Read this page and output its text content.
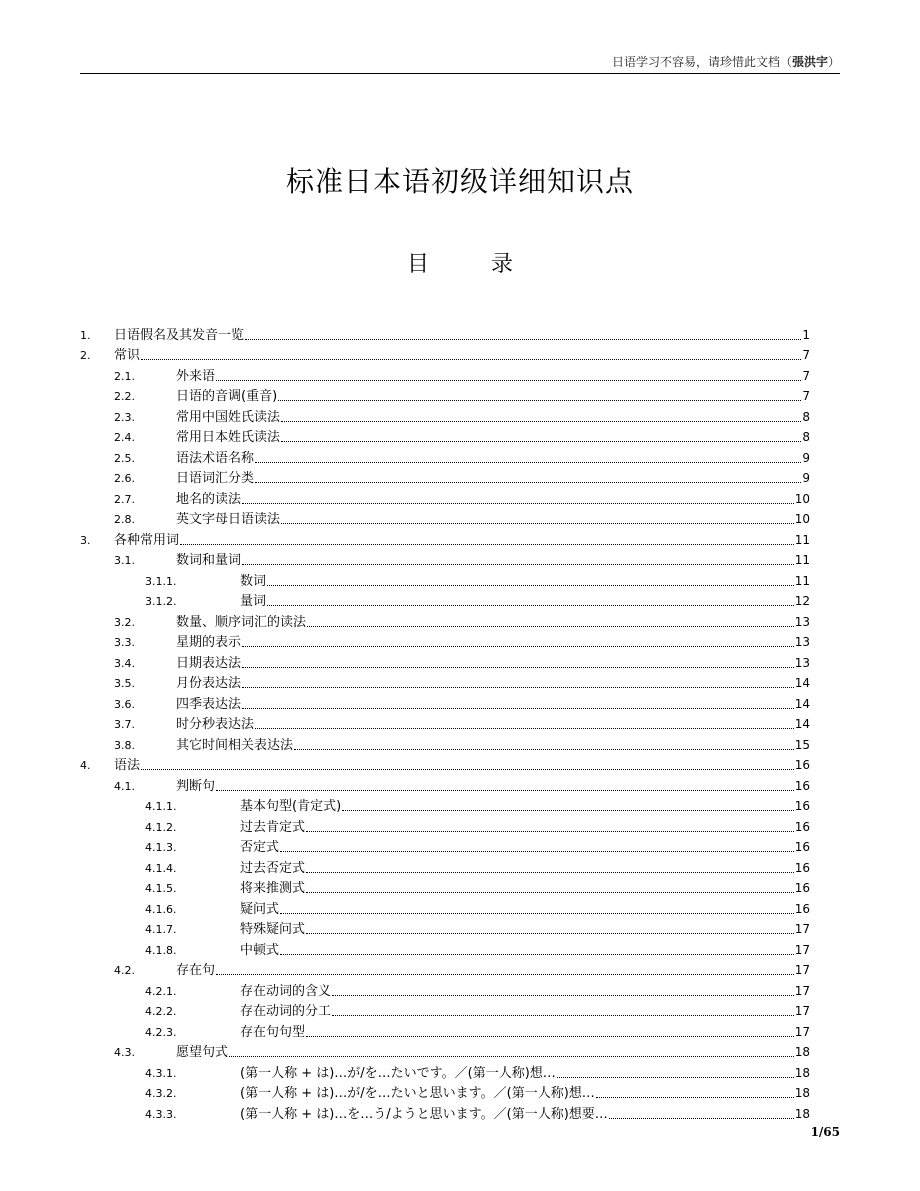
日语学习不容易，请珍惜此文档（張洪宇）
标准日本语初级详细知识点
目	录
1.	日语假名及其发音一览	1
2.	常识	7
2.1.	外来语	7
2.2.	日语的音调(重音)	7
2.3.	常用中国姓氏读法	8
2.4.	常用日本姓氏读法	8
2.5.	语法术语名称	9
2.6.	日语词汇分类	9
2.7.	地名的读法	10
2.8.	英文字母日语读法	10
3.	各种常用词	11
3.1.	数词和量词	11
3.1.1.	数词	11
3.1.2.	量词	12
3.2.	数量、顺序词汇的读法	13
3.3.	星期的表示	13
3.4.	日期表达法	13
3.5.	月份表达法	14
3.6.	四季表达法	14
3.7.	时分秒表达法	14
3.8.	其它时间相关表达法	15
4.	语法	16
4.1.	判断句	16
4.1.1.	基本句型(肯定式)	16
4.1.2.	过去肯定式	16
4.1.3.	否定式	16
4.1.4.	过去否定式	16
4.1.5.	将来推测式	16
4.1.6.	疑问式	16
4.1.7.	特殊疑问式	17
4.1.8.	中顿式	17
4.2.	存在句	17
4.2.1.	存在动词的含义	17
4.2.2.	存在动词的分工	17
4.2.3.	存在句句型	17
4.3.	愿望句式	18
4.3.1.	(第一人称 + は)…が/を…たいです。／(第一人称)想…	18
4.3.2.	(第一人称 + は)…が/を…たいと思います。／(第一人称)想…	18
4.3.3.	(第一人称 + は)…を…う/ようと思います。／(第一人称)想要…	18
1/65
